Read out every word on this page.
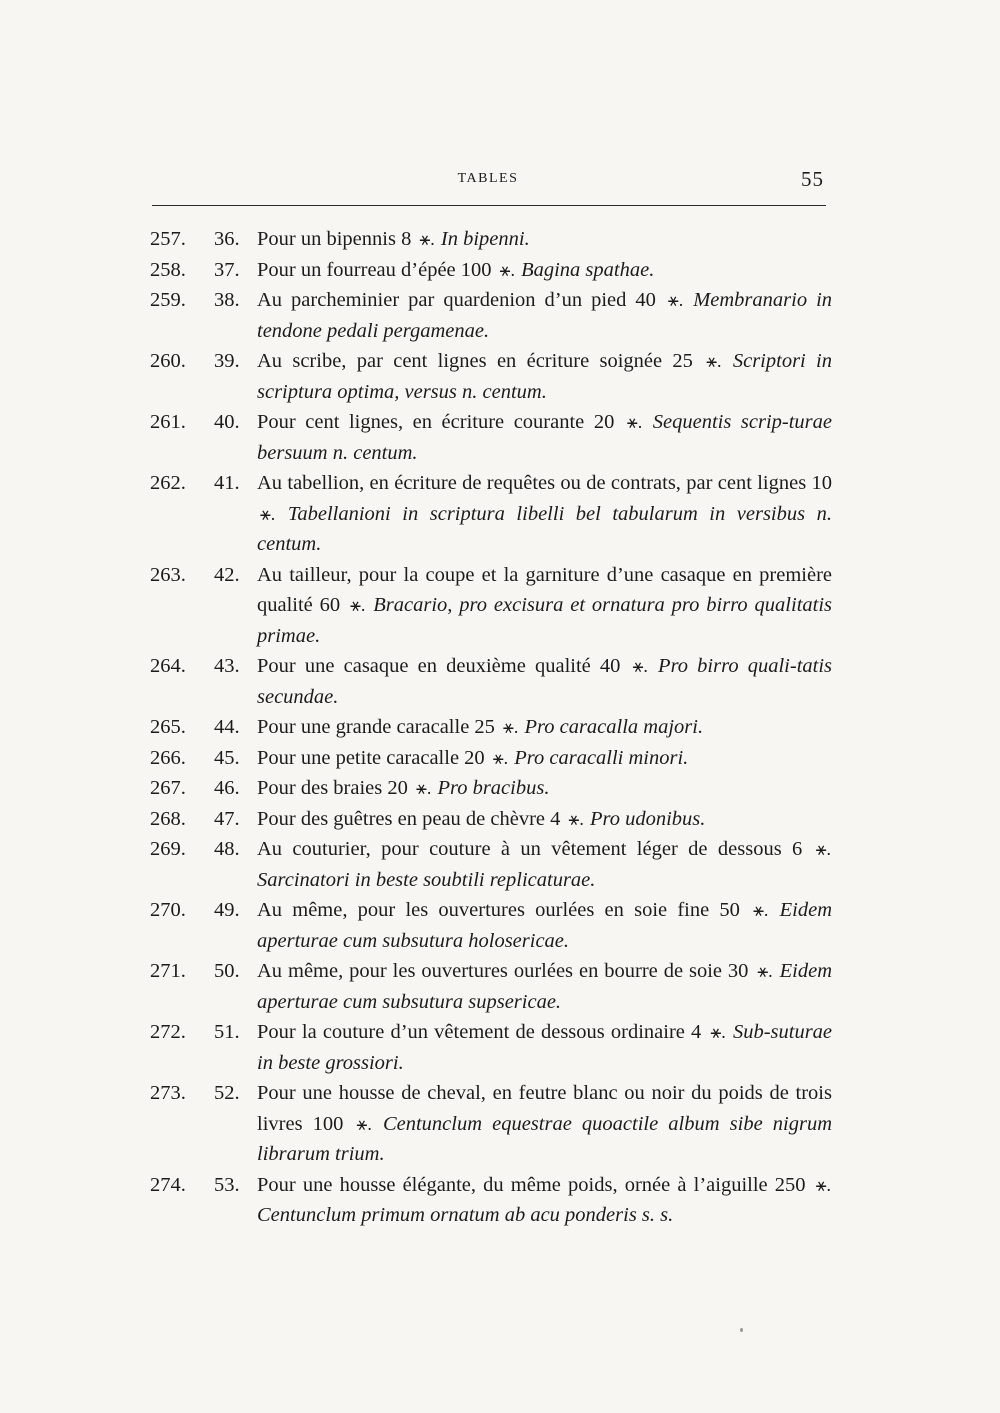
TABLES	55
257.	36. Pour un bipennis 8 ⚹. In bipenni.
258.	37. Pour un fourreau d’épée 100 ⚹. Bagina spathae.
259.	38. Au parcheminier par quardenion d’un pied 40 ⚹. Membranario in tendone pedali pergamenae.
260.	39. Au scribe, par cent lignes en écriture soignée 25 ⚹. Scriptori in scriptura optima, versus n. centum.
261.	40. Pour cent lignes, en écriture courante 20 ⚹. Sequentis scrip-turae bersuum n. centum.
262.	41. Au tabellion, en écriture de requêtes ou de contrats, par cent lignes 10 ⚹. Tabellanioni in scriptura libelli bel tabularum in versibus n. centum.
263.	42. Au tailleur, pour la coupe et la garniture d’une casaque en première qualité 60 ⚹. Bracario, pro excisura et ornatura pro birro qualitatis primae.
264.	43. Pour une casaque en deuxième qualité 40 ⚹. Pro birro quali-tatis secundae.
265.	44. Pour une grande caracalle 25 ⚹. Pro caracalla majori.
266.	45. Pour une petite caracalle 20 ⚹. Pro caracalli minori.
267.	46. Pour des braies 20 ⚹. Pro bracibus.
268.	47. Pour des guêtres en peau de chèvre 4 ⚹. Pro udonibus.
269.	48. Au couturier, pour couture à un vêtement léger de dessous 6 ⚹. Sarcinatori in beste soubtili replicaturae.
270.	49. Au même, pour les ouvertures ourlées en soie fine 50 ⚹. Eidem aperturae cum subsutura holosericae.
271.	50. Au même, pour les ouvertures ourlées en bourre de soie 30 ⚹. Eidem aperturae cum subsutura supsericae.
272.	51. Pour la couture d’un vêtement de dessous ordinaire 4 ⚹. Sub-suturae in beste grossiori.
273.	52. Pour une housse de cheval, en feutre blanc ou noir du poids de trois livres 100 ⚹. Centunclum equestrae quoactile album sibe nigrum librarum trium.
274.	53. Pour une housse élégante, du même poids, ornée à l’aiguille 250 ⚹. Centunclum primum ornatum ab acu ponderis s. s.
